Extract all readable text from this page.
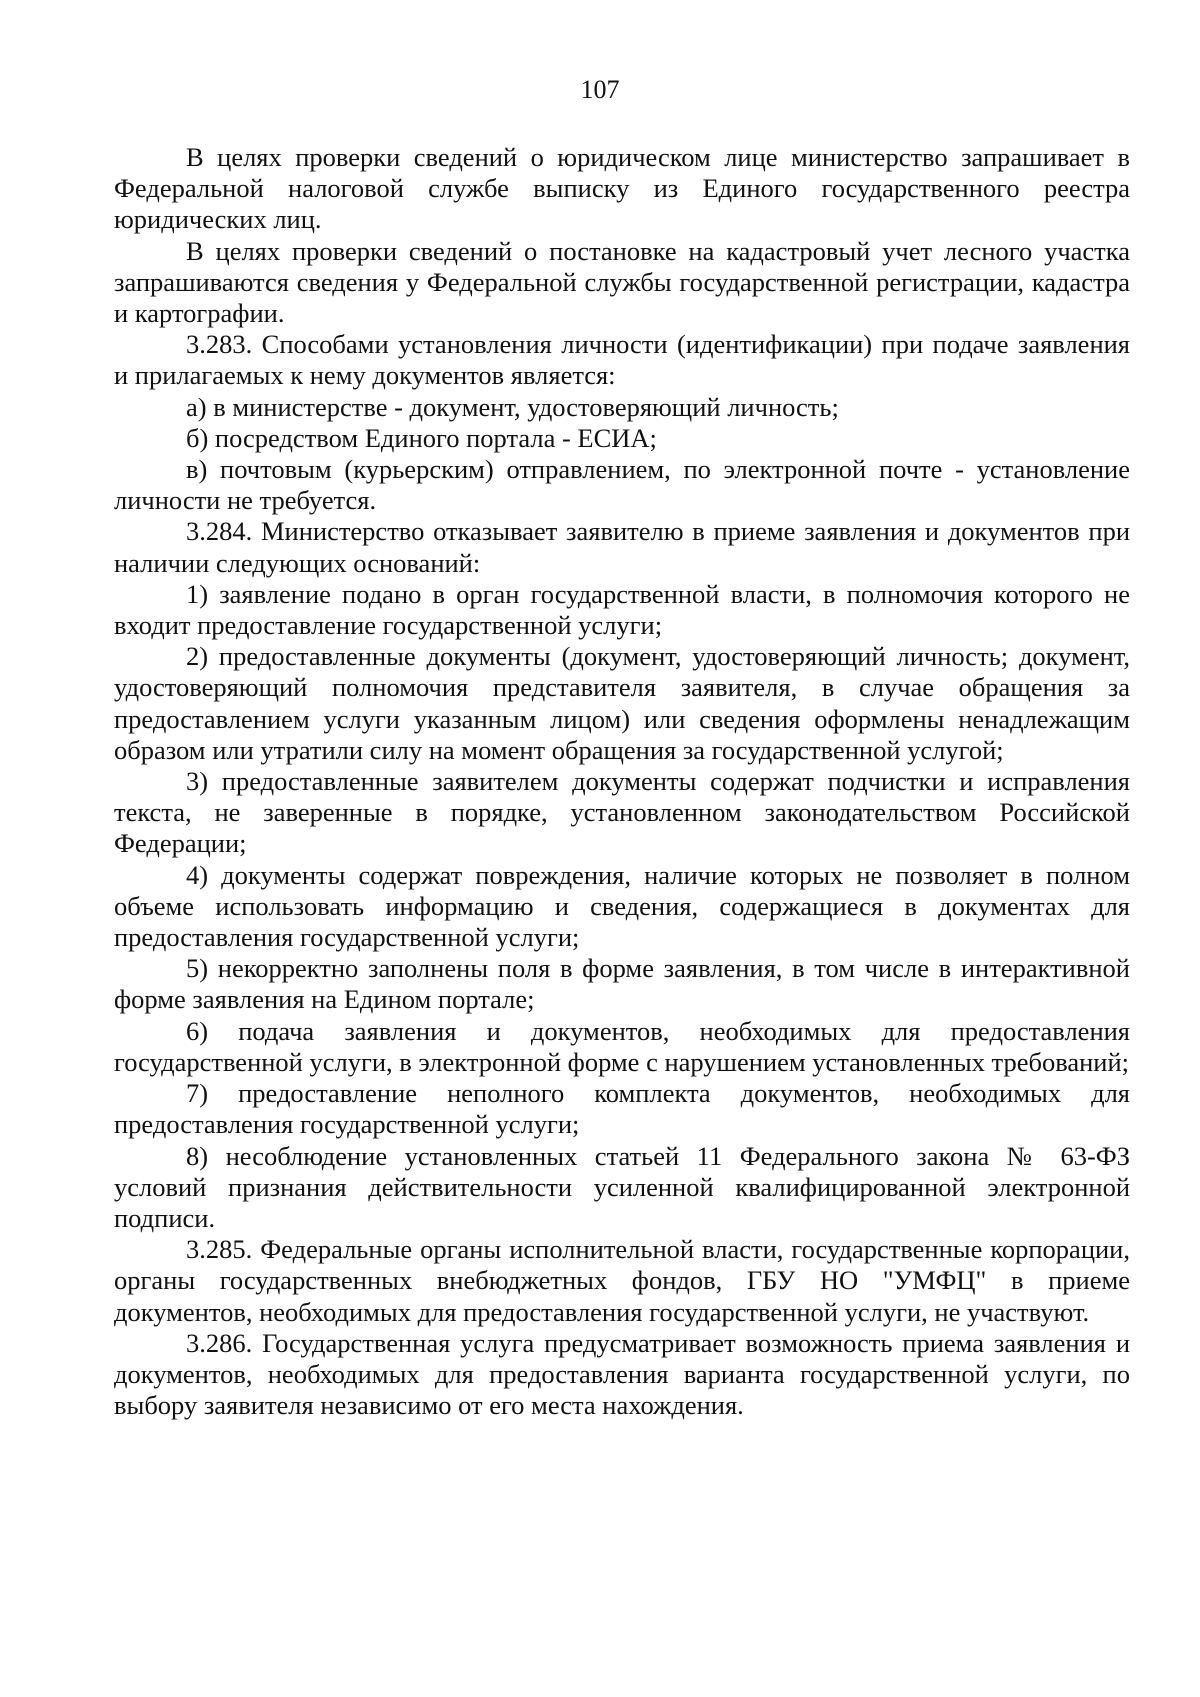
107

В целях проверки сведений о юридическом лице министерство запрашивает в Федеральной налоговой службе выписку из Единого государственного реестра юридических лиц.

В целях проверки сведений о постановке на кадастровый учет лесного участка запрашиваются сведения у Федеральной службы государственной регистрации, кадастра и картографии.

3.283. Способами установления личности (идентификации) при подаче заявления и прилагаемых к нему документов является:

а) в министерстве - документ, удостоверяющий личность;

б) посредством Единого портала - ЕСИА;

в) почтовым (курьерским) отправлением, по электронной почте - установление личности не требуется.

3.284. Министерство отказывает заявителю в приеме заявления и документов при наличии следующих оснований:

1) заявление подано в орган государственной власти, в полномочия которого не входит предоставление государственной услуги;

2) предоставленные документы (документ, удостоверяющий личность; документ, удостоверяющий полномочия представителя заявителя, в случае обращения за предоставлением услуги указанным лицом) или сведения оформлены ненадлежащим образом или утратили силу на момент обращения за государственной услугой;

3) предоставленные заявителем документы содержат подчистки и исправления текста, не заверенные в порядке, установленном законодательством Российской Федерации;

4) документы содержат повреждения, наличие которых не позволяет в полном объеме использовать информацию и сведения, содержащиеся в документах для предоставления государственной услуги;

5) некорректно заполнены поля в форме заявления, в том числе в интерактивной форме заявления на Едином портале;

6) подача заявления и документов, необходимых для предоставления государственной услуги, в электронной форме с нарушением установленных требований;

7) предоставление неполного комплекта документов, необходимых для предоставления государственной услуги;

8) несоблюдение установленных статьей 11 Федерального закона № 63-ФЗ условий признания действительности усиленной квалифицированной электронной подписи.

3.285. Федеральные органы исполнительной власти, государственные корпорации, органы государственных внебюджетных фондов, ГБУ НО "УМФЦ" в приеме документов, необходимых для предоставления государственной услуги, не участвуют.

3.286. Государственная услуга предусматривает возможность приема заявления и документов, необходимых для предоставления варианта государственной услуги, по выбору заявителя независимо от его места нахождения.
